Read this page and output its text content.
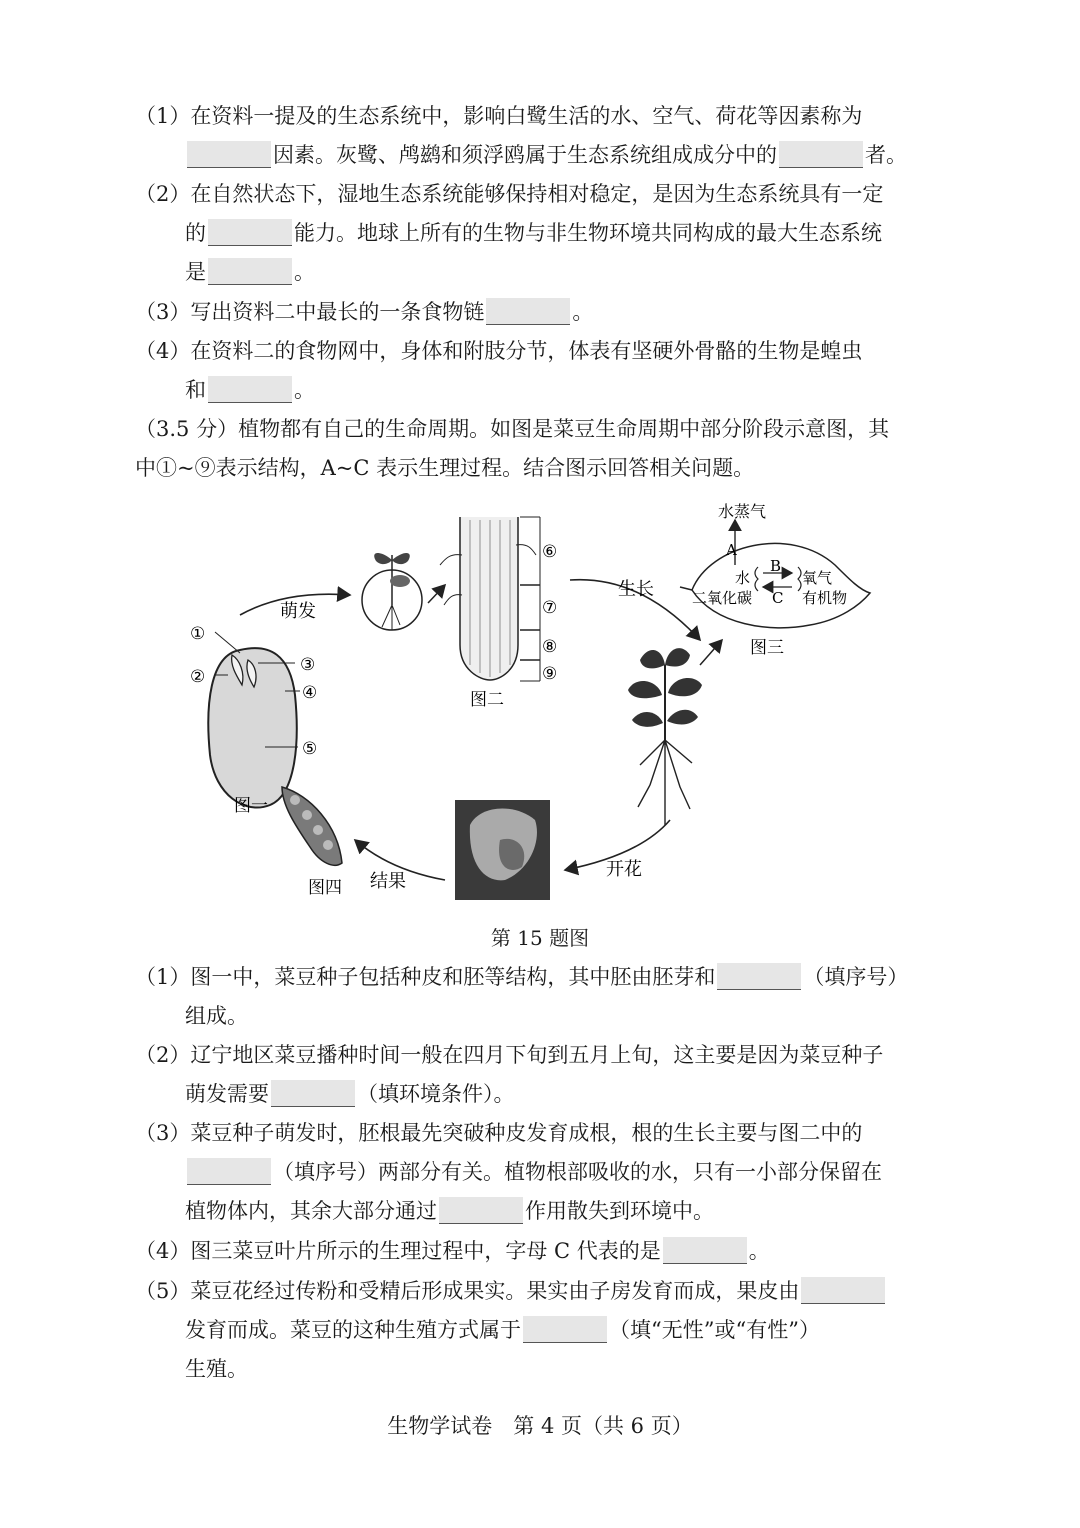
（1）在资料一提及的生态系统中，影响白鹭生活的水、空气、荷花等因素称为
因素。灰鹭、鸬鹚和须浮鸥属于生态系统组成成分中的	者。
（2）在自然状态下，湿地生态系统能够保持相对稳定，是因为生态系统具有一定
的	能力。地球上所有的生物与非生物环境共同构成的最大生态系统
是	。
（3）写出资料二中最长的一条食物链	。
（4）在资料二的食物网中，身体和附肢分节，体表有坚硬外骨骼的生物是蝗虫
和	。
（3.5 分）植物都有自己的生命周期。如图是菜豆生命周期中部分阶段示意图，其
中①~⑨表示结构，A~C 表示生理过程。结合图示回答相关问题。
萌发
生长
开花
结果
①
②
③
④
⑤
图一
图四
⑥
⑦
⑧
⑨
图二
水蒸气
A
B
C
水
二氧化碳
氧气
有机物
图三
第 15 题图
（1）图一中，菜豆种子包括种皮和胚等结构，其中胚由胚芽和	（填序号）
组成。
（2）辽宁地区菜豆播种时间一般在四月下旬到五月上旬，这主要是因为菜豆种子
萌发需要	（填环境条件）。
（3）菜豆种子萌发时，胚根最先突破种皮发育成根，根的生长主要与图二中的
（填序号）两部分有关。植物根部吸收的水，只有一小部分保留在
植物体内，其余大部分通过	作用散失到环境中。
（4）图三菜豆叶片所示的生理过程中，字母 C 代表的是	。
（5）菜豆花经过传粉和受精后形成果实。果实由子房发育而成，果皮由
发育而成。菜豆的这种生殖方式属于	（填“无性”或“有性”）
生殖。
生物学试卷　第 4 页（共 6 页）
